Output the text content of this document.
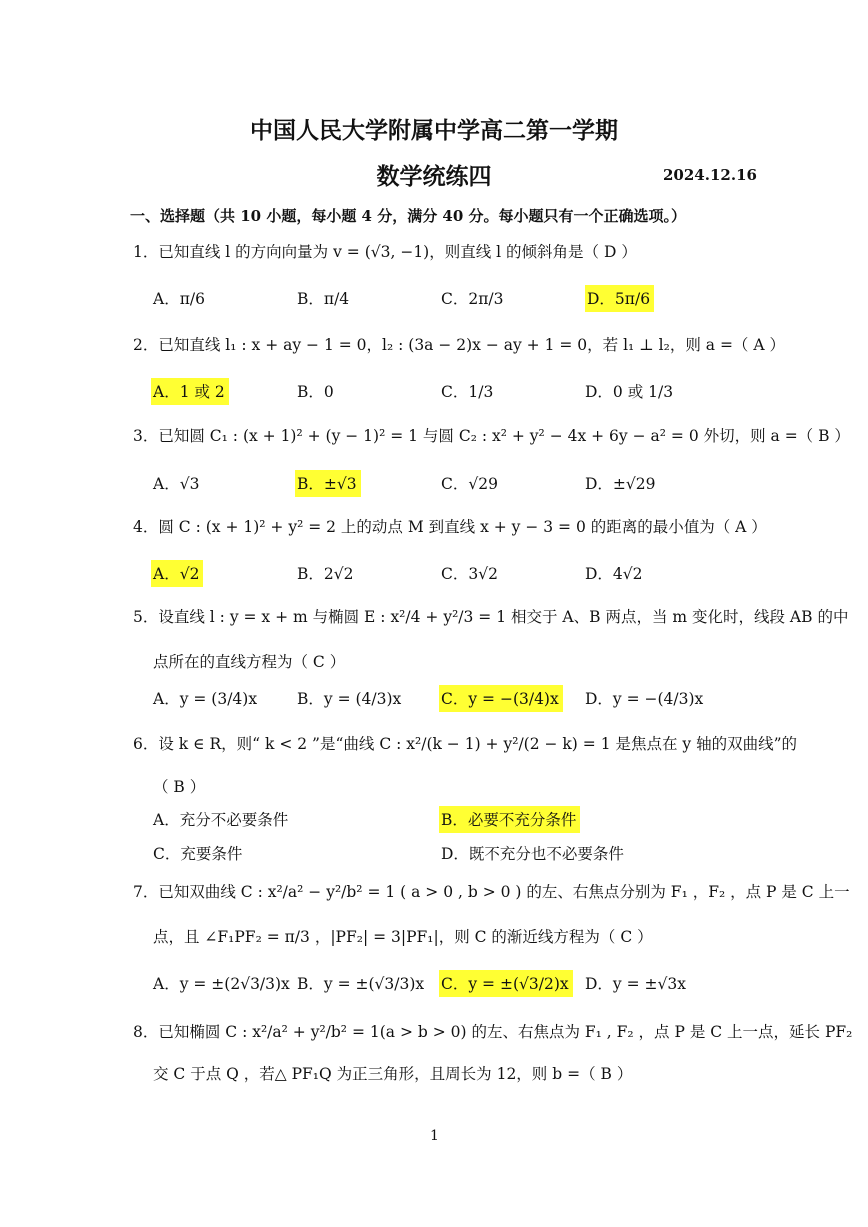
中国人民大学附属中学高二第一学期
数学统练四	2024.12.16
一、选择题（共 10 小题，每小题 4 分，满分 40 分。每小题只有一个正确选项。）
1．已知直线 l 的方向向量为 v = (√3, −1)，则直线 l 的倾斜角是（ D ）
A．π/6	B．π/4	C．2π/3	D．5π/6
2．已知直线 l₁ : x + ay − 1 = 0，l₂ : (3a − 2)x − ay + 1 = 0，若 l₁ ⊥ l₂，则 a =（ A ）
A．1 或 2	B．0	C．1/3	D．0 或 1/3
3．已知圆 C₁ : (x + 1)² + (y − 1)² = 1 与圆 C₂ : x² + y² − 4x + 6y − a² = 0 外切，则 a =（ B ）
A．√3	B．±√3	C．√29	D．±√29
4．圆 C : (x + 1)² + y² = 2 上的动点 M 到直线 x + y − 3 = 0 的距离的最小值为（ A ）
A．√2	B．2√2	C．3√2	D．4√2
5．设直线 l : y = x + m 与椭圆 E : x²/4 + y²/3 = 1 相交于 A、B 两点，当 m 变化时，线段 AB 的中
点所在的直线方程为（ C ）
A．y = (3/4)x	B．y = (4/3)x	C．y = −(3/4)x D．y = −(4/3)x
6．设 k ∈ R，则“ k < 2 ”是“曲线 C : x²/(k − 1) + y²/(2 − k) = 1 是焦点在 y 轴的双曲线”的
（ B ）
A．充分不必要条件	B．必要不充分条件
C．充要条件	D．既不充分也不必要条件
7．已知双曲线 C : x²/a² − y²/b² = 1 ( a > 0 , b > 0 ) 的左、右焦点分别为 F₁ ，F₂ ，点 P 是 C 上一
点，且 ∠F₁PF₂ = π/3 ，|PF₂| = 3|PF₁|，则 C 的渐近线方程为（ C ）
A．y = ±(2√3/3)x B．y = ±(√3/3)x C．y = ±(√3/2)x D．y = ±√3x
8．已知椭圆 C : x²/a² + y²/b² = 1(a > b > 0) 的左、右焦点为 F₁ , F₂ ，点 P 是 C 上一点，延长 PF₂
交 C 于点 Q ，若△ PF₁Q 为正三角形，且周长为 12，则 b =（ B ）
1
